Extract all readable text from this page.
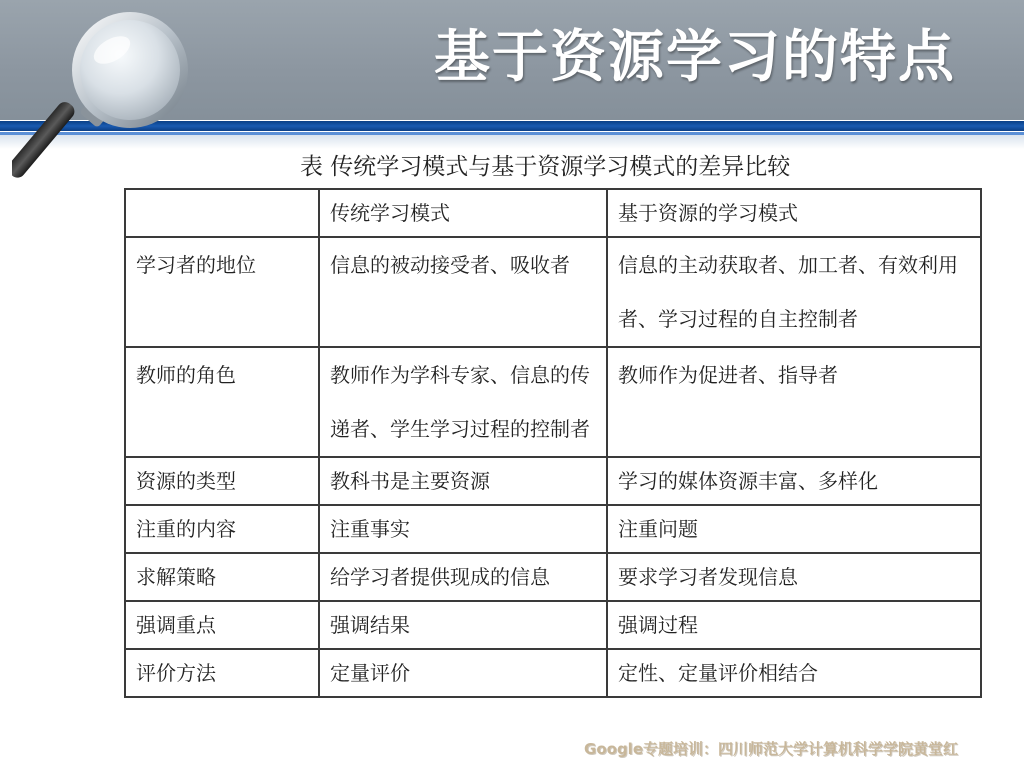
基于资源学习的特点
表 传统学习模式与基于资源学习模式的差异比较
	传统学习模式	基于资源的学习模式
学习者的地位	信息的被动接受者、吸收者	信息的主动获取者、加工者、有效利用者、学习过程的自主控制者
教师的角色	教师作为学科专家、信息的传递者、学生学习过程的控制者	教师作为促进者、指导者
资源的类型	教科书是主要资源	学习的媒体资源丰富、多样化
注重的内容	注重事实	注重问题
求解策略	给学习者提供现成的信息	要求学习者发现信息
强调重点	强调结果	强调过程
评价方法	定量评价	定性、定量评价相结合
Google专题培训：四川师范大学计算机科学学院黄堂红
